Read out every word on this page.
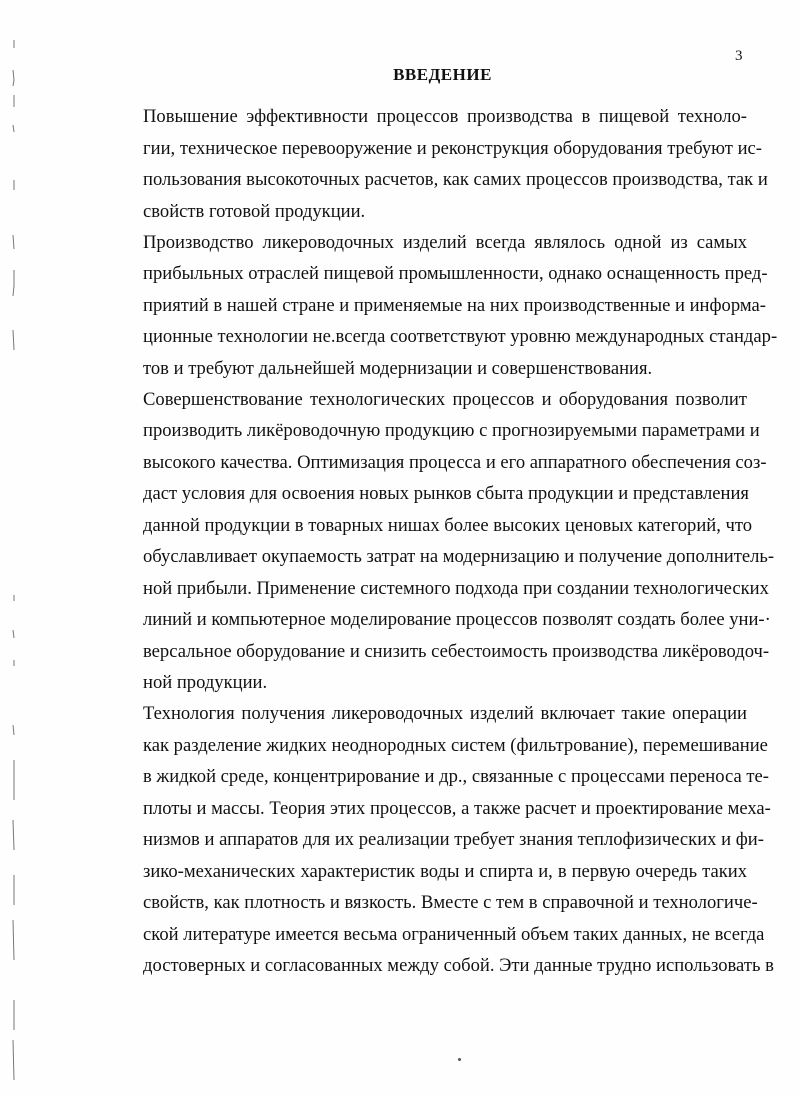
3
ВВЕДЕНИЕ
Повышение эффективности процессов производства в пищевой техноло-
гии, техническое перевооружение и реконструкция оборудования требуют ис-
пользования высокоточных расчетов, как самих процессов производства, так и
свойств готовой продукции.
Производство ликероводочных изделий всегда являлось одной из самых
прибыльных отраслей пищевой промышленности, однако оснащенность пред-
приятий в нашей стране и применяемые на них производственные и информа-
ционные технологии не.всегда соответствуют уровню международных стандар-
тов и требуют дальнейшей модернизации и совершенствования.
Совершенствование технологических процессов и оборудования позволит
производить ликёроводочную продукцию с прогнозируемыми параметрами и
высокого качества. Оптимизация процесса и его аппаратного обеспечения соз-
даст условия для освоения новых рынков сбыта продукции и представления
данной продукции в товарных нишах более высоких ценовых категорий, что
обуславливает окупаемость затрат на модернизацию и получение дополнитель-
ной прибыли. Применение системного подхода при создании технологических
линий и компьютерное моделирование процессов позволят создать более уни-·
версальное оборудование и снизить себестоимость производства ликёроводоч-
ной продукции.
Технология получения ликероводочных изделий включает такие операции
как разделение жидких неоднородных систем (фильтрование), перемешивание
в жидкой среде, концентрирование и др., связанные с процессами переноса те-
плоты и массы. Теория этих процессов, а также расчет и проектирование меха-
низмов и аппаратов для их реализации требует знания теплофизических и фи-
зико-механических характеристик воды и спирта и, в первую очередь таких
свойств, как плотность и вязкость. Вместе с тем в справочной и технологиче-
ской литературе имеется весьма ограниченный объем таких данных, не всегда
достоверных и согласованных между собой. Эти данные трудно использовать в
